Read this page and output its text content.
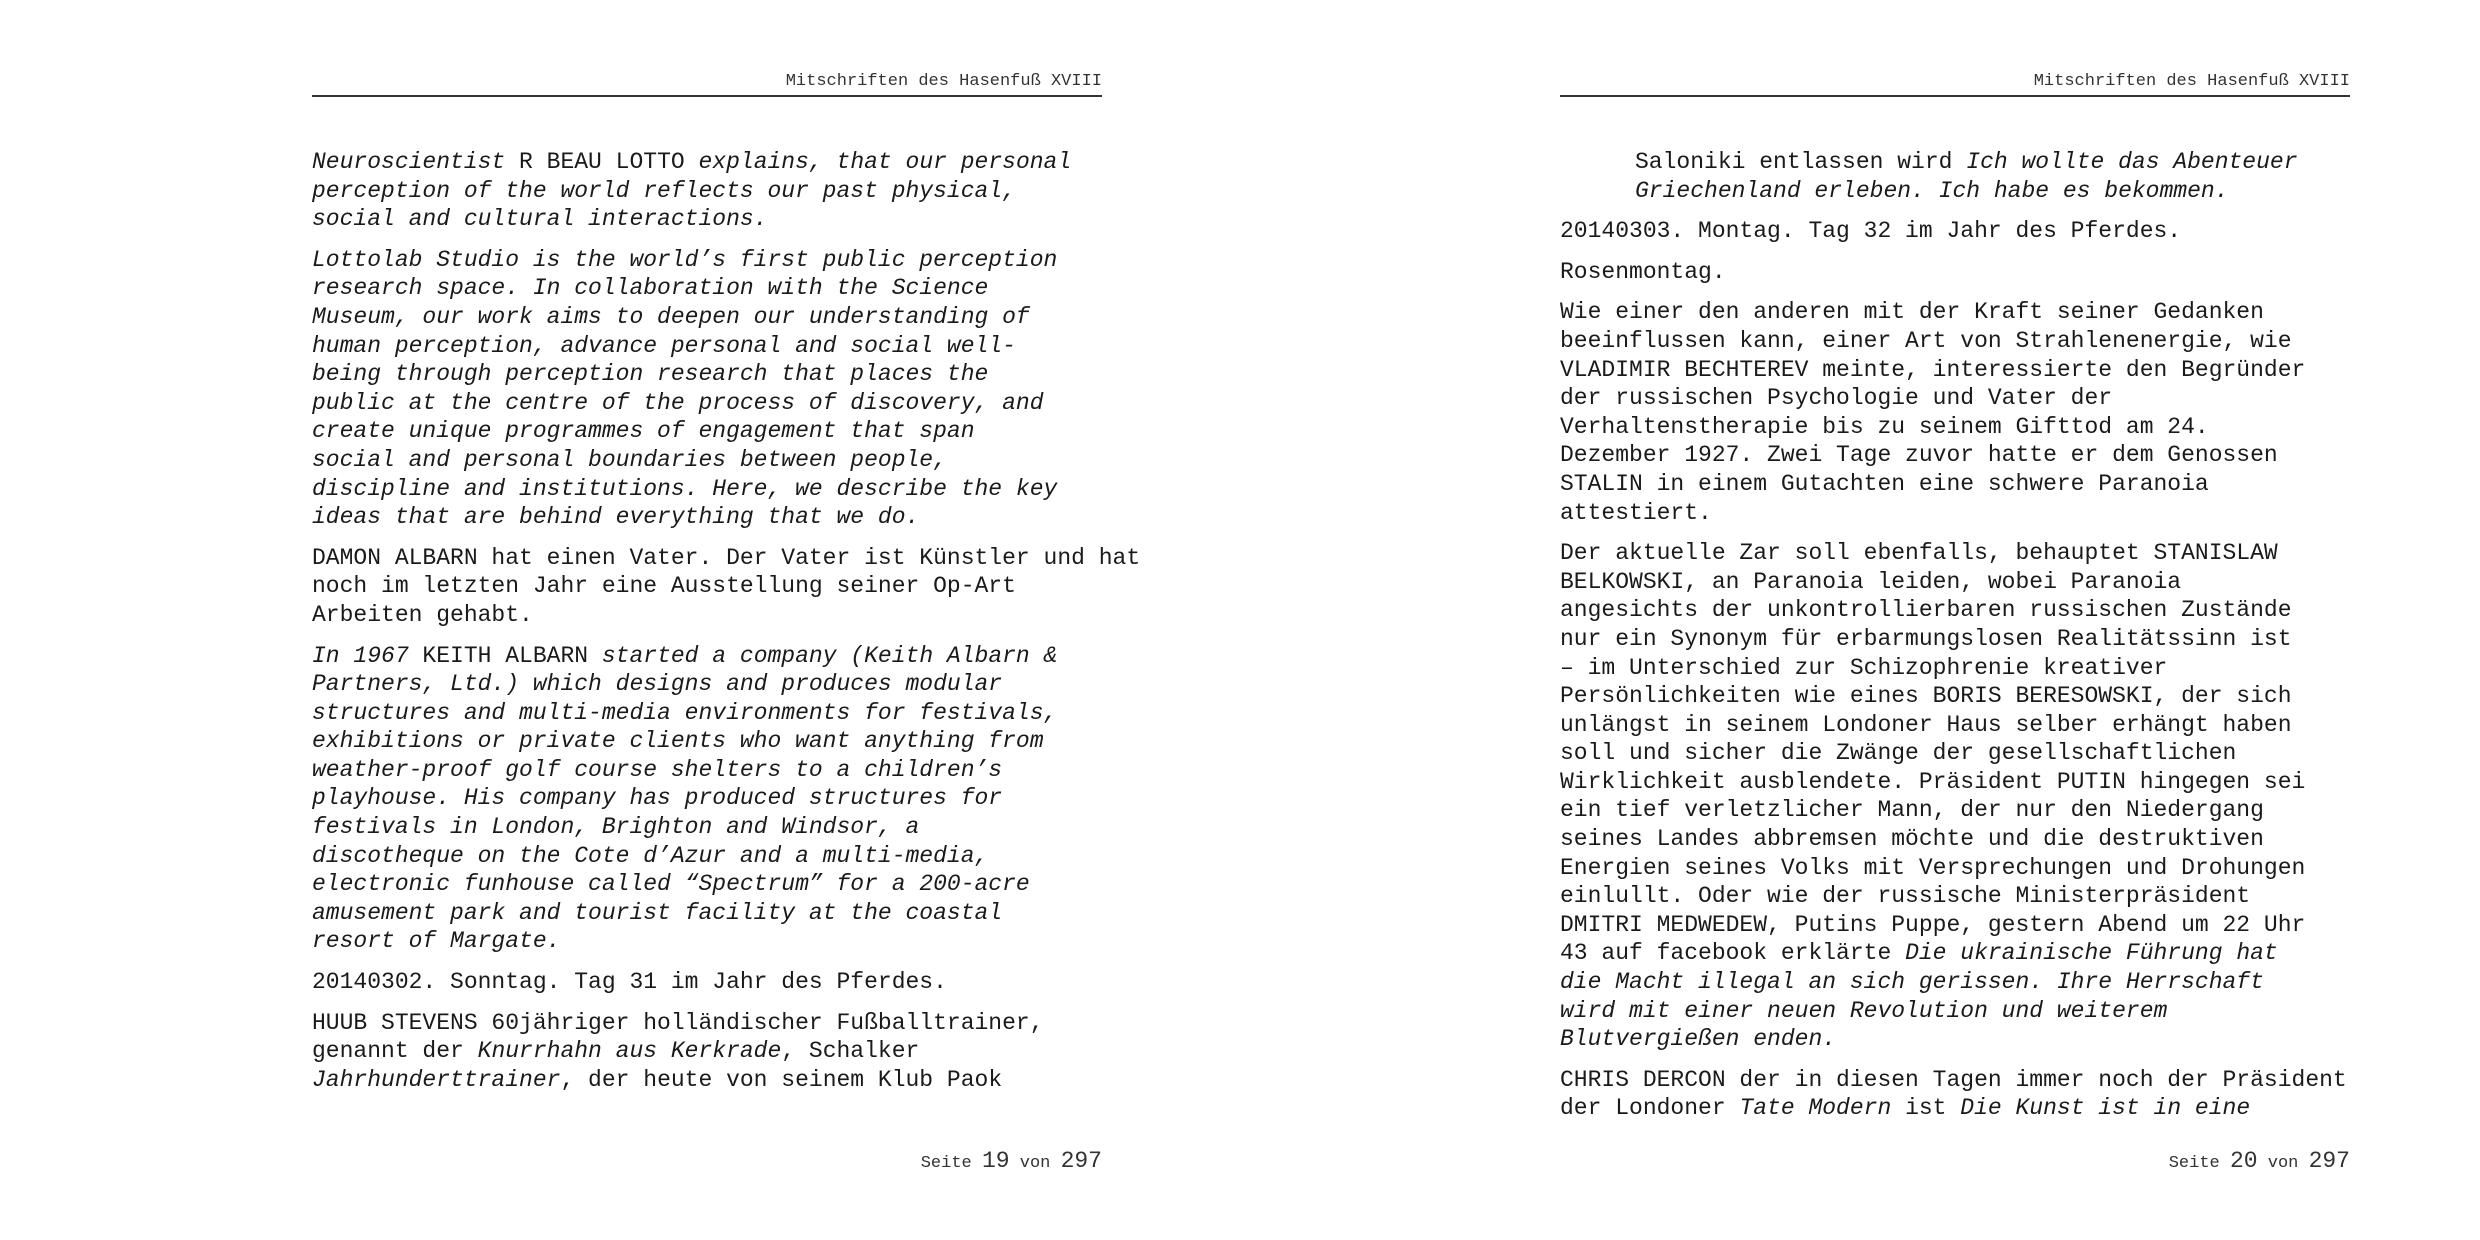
Mitschriften des Hasenfuß XVIII

Neuroscientist R BEAU LOTTO explains, that our personal
perception of the world reflects our past physical,
social and cultural interactions.

Lottolab Studio is the world’s first public perception
research space. In collaboration with the Science
Museum, our work aims to deepen our understanding of
human perception, advance personal and social well-
being through perception research that places the
public at the centre of the process of discovery, and
create unique programmes of engagement that span
social and personal boundaries between people,
discipline and institutions. Here, we describe the key
ideas that are behind everything that we do.

DAMON ALBARN hat einen Vater. Der Vater ist Künstler und hat
noch im letzten Jahr eine Ausstellung seiner Op-Art
Arbeiten gehabt.

In 1967 KEITH ALBARN started a company (Keith Albarn &
Partners, Ltd.) which designs and produces modular
structures and multi-media environments for festivals,
exhibitions or private clients who want anything from
weather-proof golf course shelters to a children’s
playhouse. His company has produced structures for
festivals in London, Brighton and Windsor, a
discotheque on the Cote d’Azur and a multi-media,
electronic funhouse called “Spectrum” for a 200-acre
amusement park and tourist facility at the coastal
resort of Margate.

20140302. Sonntag. Tag 31 im Jahr des Pferdes.

HUUB STEVENS 60jähriger holländischer Fußballtrainer,
genannt der Knurrhahn aus Kerkrade, Schalker
Jahrhunderttrainer, der heute von seinem Klub Paok

Seite 19 von 297
Mitschriften des Hasenfuß XVIII

Saloniki entlassen wird Ich wollte das Abenteuer
Griechenland erleben. Ich habe es bekommen.

20140303. Montag. Tag 32 im Jahr des Pferdes.

Rosenmontag.

Wie einer den anderen mit der Kraft seiner Gedanken
beeinflussen kann, einer Art von Strahlenenergie, wie
VLADIMIR BECHTEREV meinte, interessierte den Begründer
der russischen Psychologie und Vater der
Verhaltenstherapie bis zu seinem Gifttod am 24.
Dezember 1927. Zwei Tage zuvor hatte er dem Genossen
STALIN in einem Gutachten eine schwere Paranoia
attestiert.

Der aktuelle Zar soll ebenfalls, behauptet STANISLAW
BELKOWSKI, an Paranoia leiden, wobei Paranoia
angesichts der unkontrollierbaren russischen Zustände
nur ein Synonym für erbarmungslosen Realitätssinn ist
– im Unterschied zur Schizophrenie kreativer
Persönlichkeiten wie eines BORIS BERESOWSKI, der sich
unlängst in seinem Londoner Haus selber erhängt haben
soll und sicher die Zwänge der gesellschaftlichen
Wirklichkeit ausblendete. Präsident PUTIN hingegen sei
ein tief verletzlicher Mann, der nur den Niedergang
seines Landes abbremsen möchte und die destruktiven
Energien seines Volks mit Versprechungen und Drohungen
einlullt. Oder wie der russische Ministerpräsident
DMITRI MEDWEDEW, Putins Puppe, gestern Abend um 22 Uhr
43 auf facebook erklärte Die ukrainische Führung hat
die Macht illegal an sich gerissen. Ihre Herrschaft
wird mit einer neuen Revolution und weiterem
Blutvergießen enden.

CHRIS DERCON der in diesen Tagen immer noch der Präsident
der Londoner Tate Modern ist Die Kunst ist in eine

Seite 20 von 297
